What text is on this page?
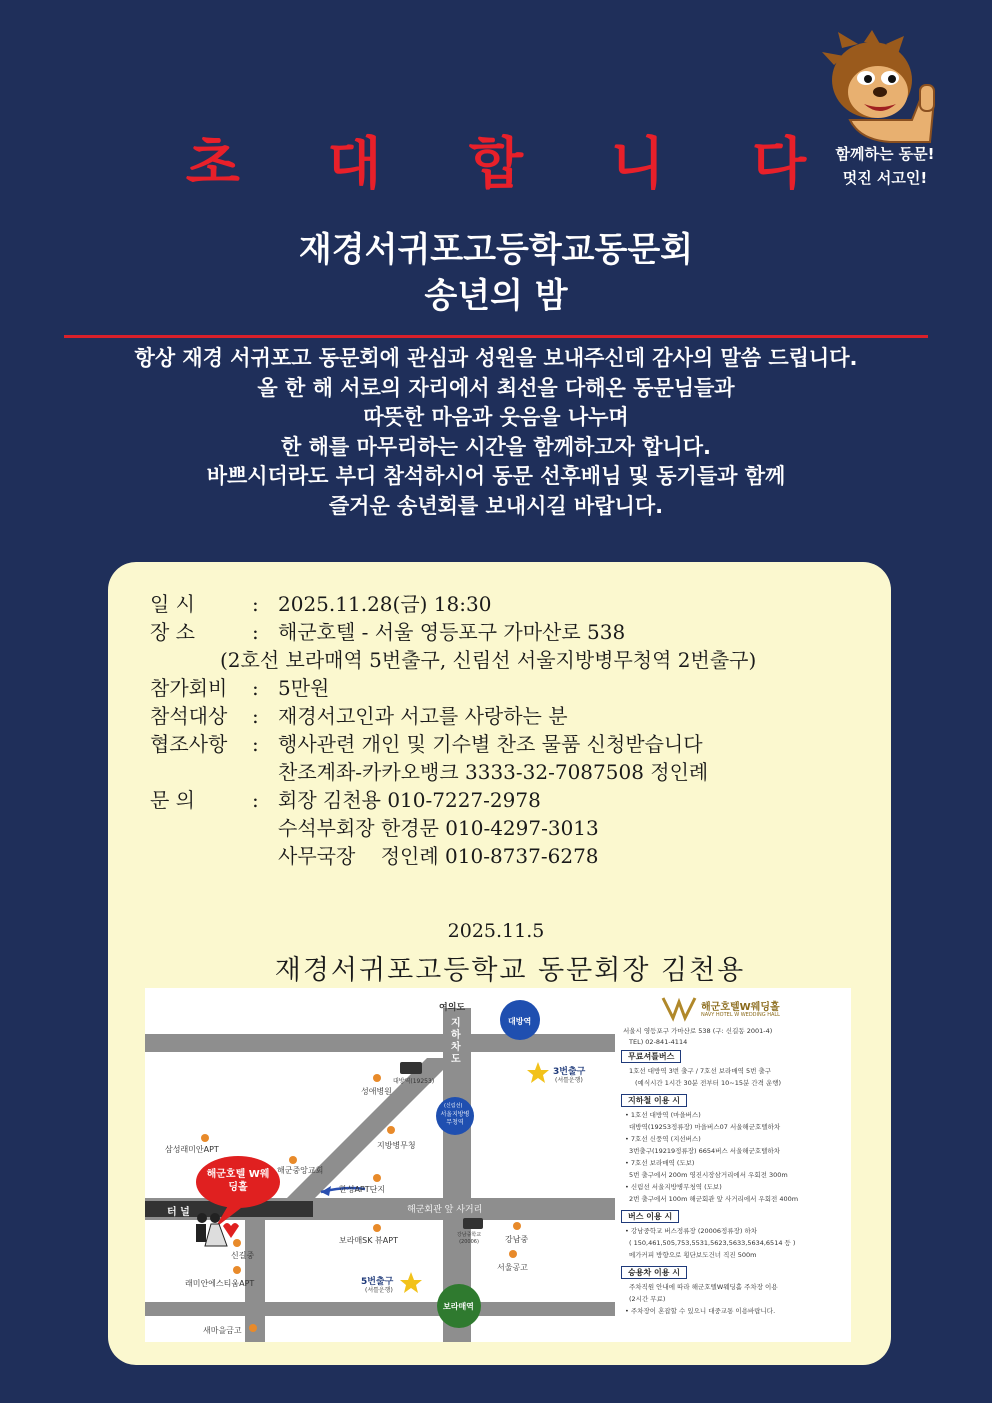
초 대 합 니 다
함께하는 동문!
멋진 서고인!
재경서귀포고등학교동문회
송년의 밤
항상 재경 서귀포고 동문회에 관심과 성원을 보내주신데 감사의 말씀 드립니다.
올 한 해 서로의 자리에서 최선을 다해온 동문님들과
따뜻한 마음과 웃음을 나누며
한 해를 마무리하는 시간을 함께하고자 합니다.
바쁘시더라도 부디 참석하시어 동문 선후배님 및 동기들과 함께
즐거운 송년회를 보내시길 바랍니다.
일 시	: 2025.11.28(금) 18:30
장 소	: 해군호텔 - 서울 영등포구 가마산로 538
(2호선 보라매역 5번출구, 신림선 서울지방병무청역 2번출구)
참가회비 : 5만원
참석대상 : 재경서고인과 서고를 사랑하는 분
협조사항 : 행사관련 개인 및 기수별 찬조 물품 신청받습니다
찬조계좌-카카오뱅크 3333-32-7087508 정인례
문 의	: 회장 김천용 010-7227-2978
수석부회장 한경문 010-4297-3013
사무국장    정인례 010-8737-6278
2025.11.5
재경서귀포고등학교 동문회장 김천용
여의도
지하차도
대방역
3번출구
(셔틀운행)
대방역(19253)
성애병원
(신림선)
서울지방병무청역
삼성래미안APT	지방병무청
해군중앙교회
해군호텔 W웨딩홀	한성APT단지
터 널	해군회관 앞 사거리
보라매SK 뷰APT
강남중학교(20006)	강남중
신길중
서울공고
래미안에스티움APT	5번출구
(셔틀운행)
보라매역
새마을금고
해군호텔W웨딩홀
NAVY HOTEL W WEDDING HALL
서울시 영등포구 가마산로 538 (구: 신길동 2001-4)
TEL) 02-841-4114
무료셔틀버스
1호선 대방역 3번 출구 / 7호선 보라매역 5번 출구
(예식시간 1시간 30분 전부터 10~15분 간격 운행)
지하철 이용 시
• 1호선 대방역 (마을버스)
대방역(19253정류장) 마을버스07 서울해군호텔하차
• 7호선 신풍역 (지선버스)
3번출구(19219정류장) 6654버스 서울해군호텔하차
• 7호선 보라매역 (도보)
5번 출구에서 200m 영진시장삼거리에서 우회전 300m
• 신림선 서울지방병무청역 (도보)
2번 출구에서 100m 해군회관 앞 사거리에서 우회전 400m
버스 이용 시
• 강남중학교 버스정류장 (20006정류장) 하차
( 150,461,505,753,5531,5623,5633,5634,6514 등 )
메가커피 방향으로 횡단보도건너 직진 500m
승용차 이용 시
주차직원 안내에 따라 해군호텔W웨딩홀 주차장 이용
(2시간 무료)
• 주차장이 혼잡할 수 있으니 대중교통 이용바랍니다.
